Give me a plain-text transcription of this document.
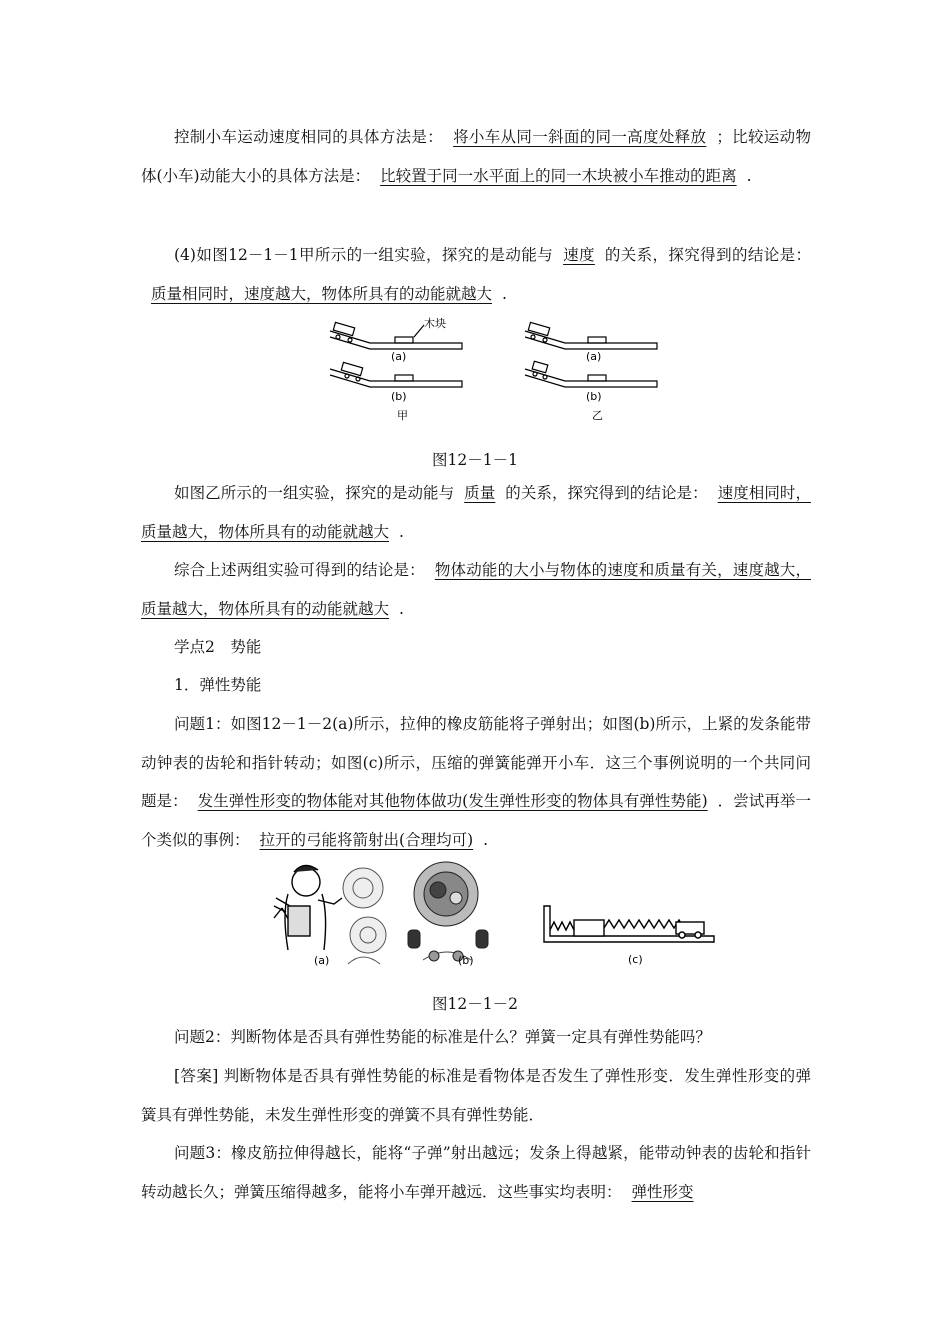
控制小车运动速度相同的具体方法是： 将小车从同一斜面的同一高度处释放 ；比较运动物体(小车)动能大小的具体方法是： 比较置于同一水平面上的同一木块被小车推动的距离 .
(4)如图12－1－1甲所示的一组实验，探究的是动能与 速度 的关系，探究得到的结论是：质量相同时，速度越大，物体所具有的动能就越大 .
木块
(a)
(b)
(a)
(b)
甲	乙
图12－1－1
如图乙所示的一组实验，探究的是动能与 质量 的关系，探究得到的结论是： 速度相同时，质量越大，物体所具有的动能就越大 .
综合上述两组实验可得到的结论是： 物体动能的大小与物体的速度和质量有关，速度越大，质量越大，物体所具有的动能就越大 .
学点2　势能
1．弹性势能
问题1：如图12－1－2(a)所示，拉伸的橡皮筋能将子弹射出；如图(b)所示，上紧的发条能带动钟表的齿轮和指针转动；如图(c)所示，压缩的弹簧能弹开小车．这三个事例说明的一个共同问题是： 发生弹性形变的物体能对其他物体做功(发生弹性形变的物体具有弹性势能) ．尝试再举一个类似的事例： 拉开的弓能将箭射出(合理均可) .
(a)	(b)	(c)
图12－1－2
问题2：判断物体是否具有弹性势能的标准是什么？弹簧一定具有弹性势能吗？
[答案] 判断物体是否具有弹性势能的标准是看物体是否发生了弹性形变．发生弹性形变的弹簧具有弹性势能，未发生弹性形变的弹簧不具有弹性势能．
问题3：橡皮筋拉伸得越长，能将“子弹”射出越远；发条上得越紧，能带动钟表的齿轮和指针转动越长久；弹簧压缩得越多，能将小车弹开越远．这些事实均表明： 弹性形变
